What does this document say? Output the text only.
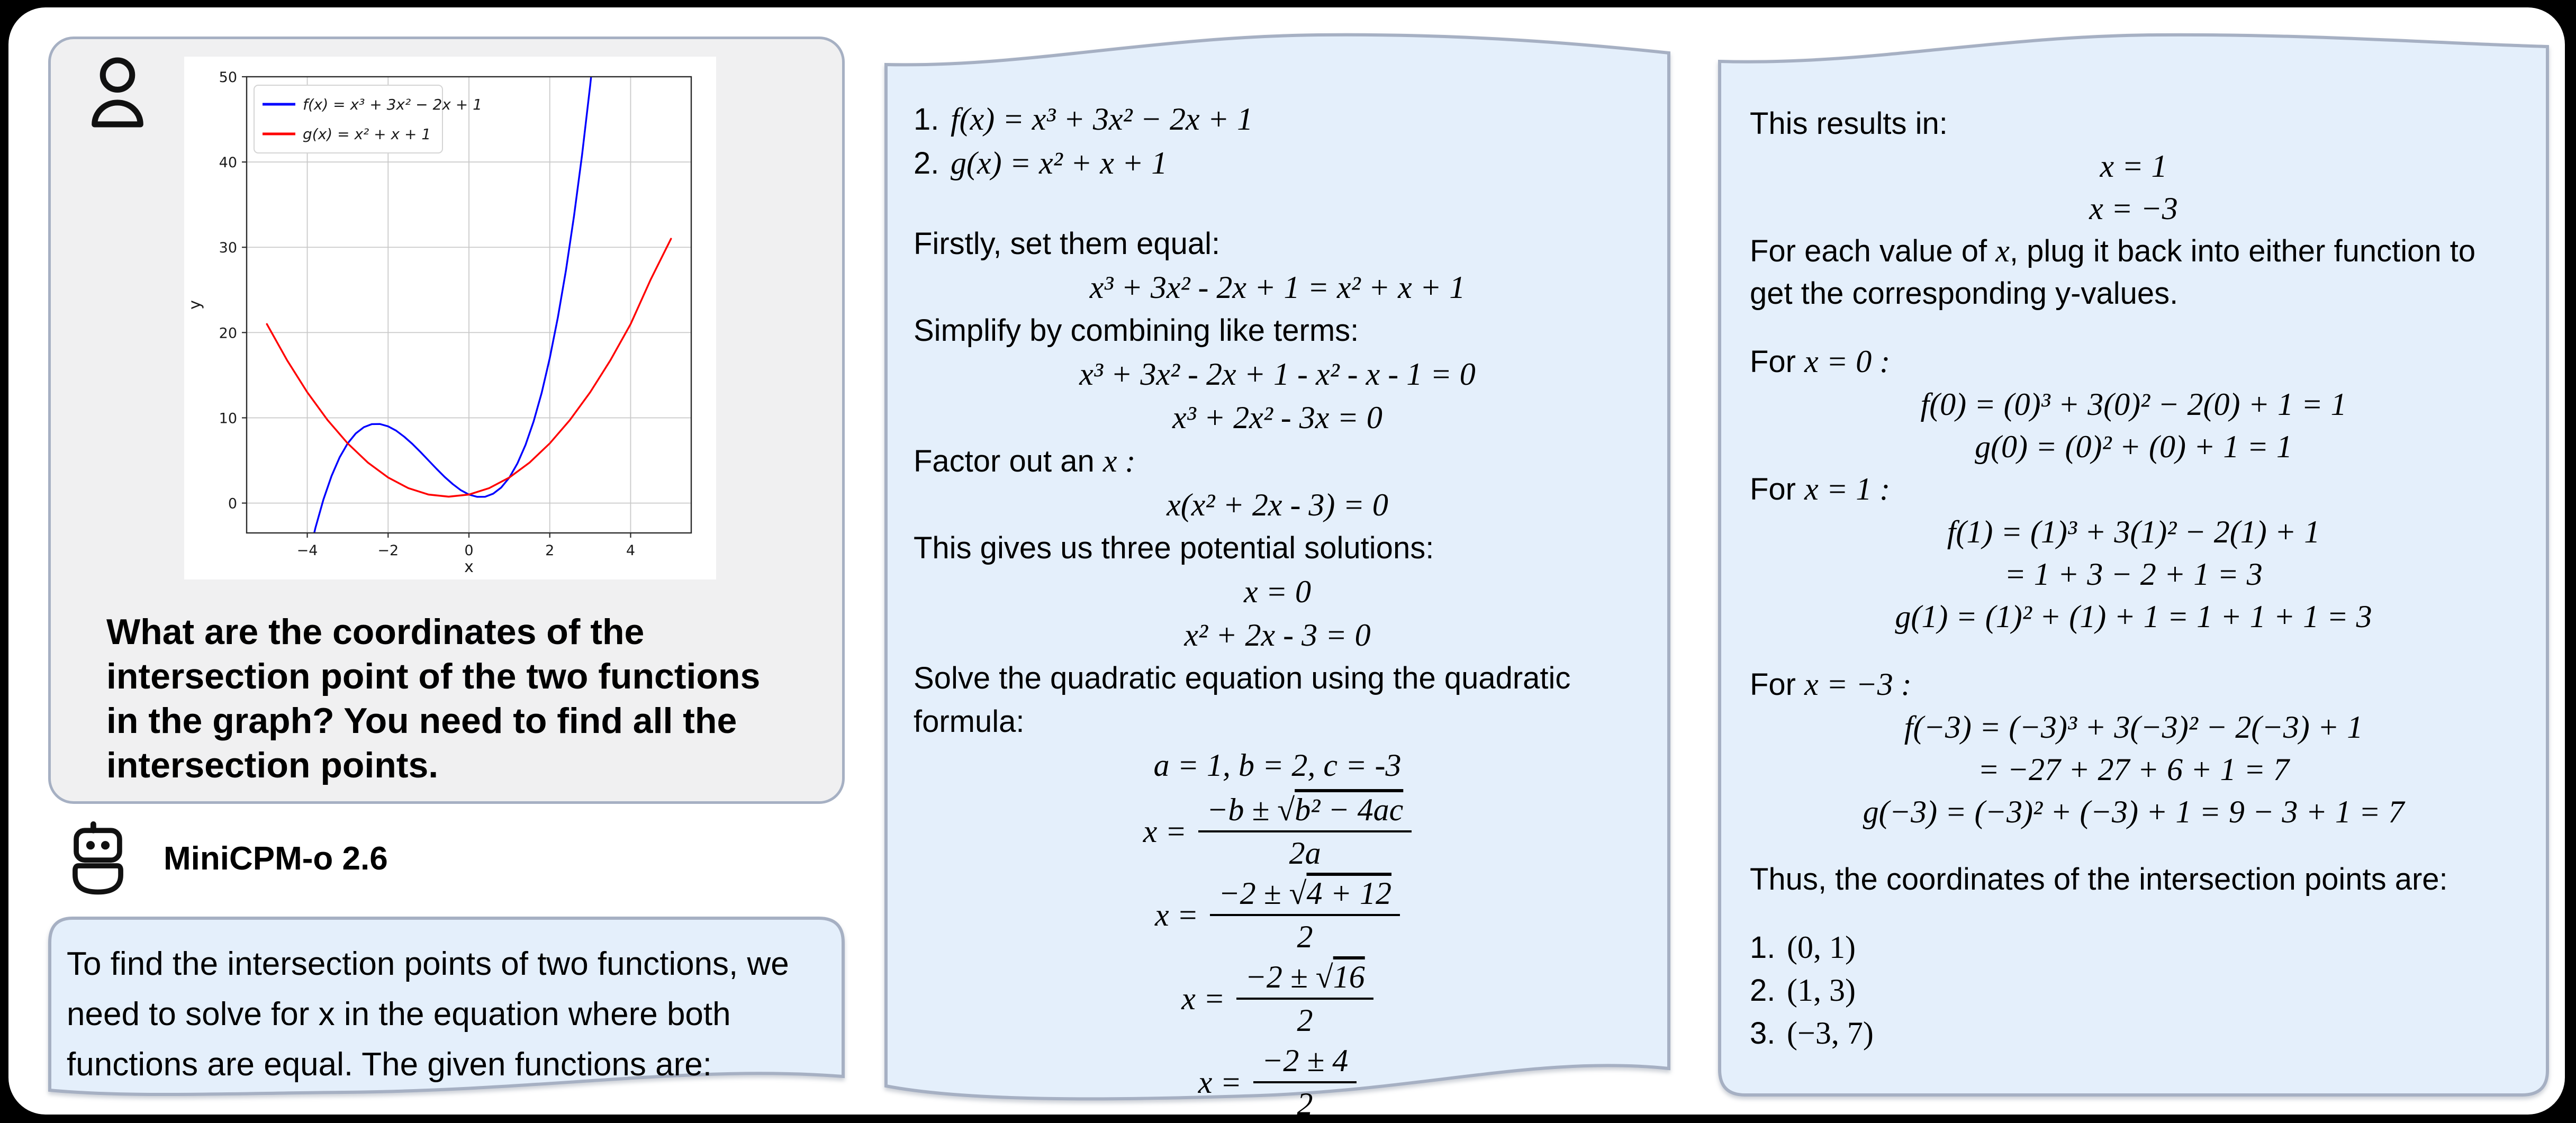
−4	−2	0	2	4
0
10
20
30
40
50
x
y
f(x) = x³ + 3x² − 2x + 1
g(x) = x² + x + 1
What are the coordinates of the
intersection point of the two functions
in the graph? You need to find all the
intersection points.
MiniCPM-o 2.6
To find the intersection points of two functions, we
need to solve for x in the equation where both
functions are equal. The given functions are:
1. f(x) = x³ + 3x² − 2x + 1
2. g(x) = x² + x + 1
Firstly, set them equal:
x³ + 3x² - 2x + 1 = x² + x + 1
Simplify by combining like terms:
x³ + 3x² - 2x + 1 - x² - x - 1 = 0
x³ + 2x² - 3x = 0
Factor out an x :
x(x² + 2x - 3) = 0
This gives us three potential solutions:
x = 0
x² + 2x - 3 = 0
Solve the quadratic equation using the quadratic formula:
a = 1, b = 2, c = -3
$x = \frac{\text{−b ± √b² − 4ac}}{2a}$
$x = \frac{-2 \pm √4 + 12}{2}$
$x = \frac{-2 \pm √16}{2}$
$x = \frac{-2 \pm 4}{2}$
This results in:
x = 1
x = −3
For each value of x, plug it back into either function to get the corresponding y-values.
For x = 0 :
f(0) = (0)³ + 3(0)² − 2(0) + 1 = 1
g(0) = (0)² + (0) + 1 = 1
For x = 1 :
f(1) = (1)³ + 3(1)² − 2(1) + 1
= 1 + 3 − 2 + 1 = 3
g(1) = (1)² + (1) + 1 = 1 + 1 + 1 = 3
For x = −3 :
f(−3) = (−3)³ + 3(−3)² − 2(−3) + 1
= −27 + 27 + 6 + 1 = 7
g(−3) = (−3)² + (−3) + 1 = 9 − 3 + 1 = 7
Thus, the coordinates of the intersection points are:
1. (0, 1)
2. (1, 3)
3. (−3, 7)
